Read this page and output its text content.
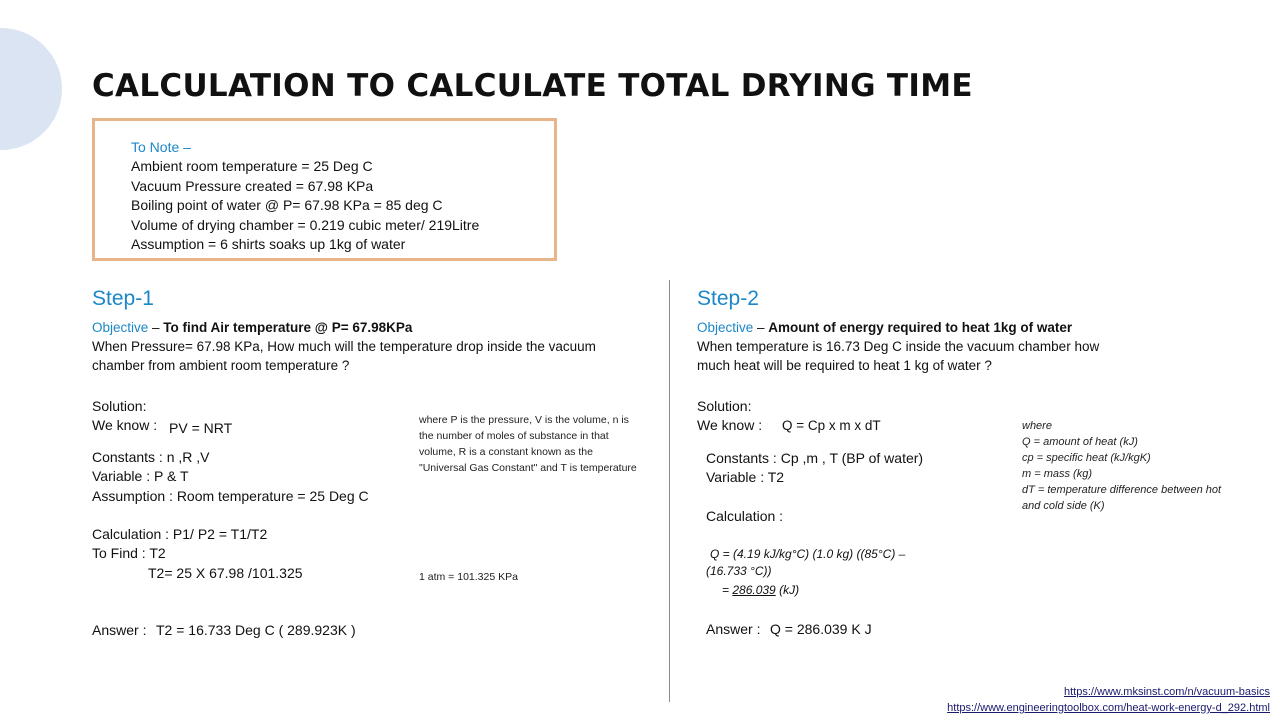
CALCULATION TO CALCULATE TOTAL DRYING TIME
To Note –
Ambient room temperature = 25 Deg C
Vacuum Pressure created = 67.98 KPa
Boiling point of water @ P= 67.98 KPa = 85 deg C
Volume of drying chamber = 0.219 cubic meter/ 219Litre
Assumption = 6 shirts soaks up 1kg of water
Step-1
Objective – To find Air temperature @ P= 67.98KPa
When Pressure= 67.98 KPa, How much will the temperature drop inside the vacuum
chamber from ambient room temperature ?
Solution:
We know : PV = NRT
Constants : n ,R ,V
Variable : P & T
Assumption : Room temperature = 25 Deg C
Calculation : P1/ P2 = T1/T2
To Find : T2
T2= 25 X 67.98 /101.325
Answer : T2 = 16.733 Deg C ( 289.923K )
where P is the pressure, V is the volume, n is
the number of moles of substance in that
volume, R is a constant known as the
"Universal Gas Constant" and T is temperature
1 atm = 101.325 KPa
Step-2
Objective – Amount of energy required to heat 1kg of water
When temperature is 16.73 Deg C inside the vacuum chamber how
much heat will be required to heat 1 kg of water ?
Solution:
We know : Q = Cp x m x dT
Constants : Cp ,m , T (BP of water)
Variable : T2
Calculation :
Q = (4.19 kJ/kg°C) (1.0 kg) ((85°C) –
(16.733 °C))
= 286.039 (kJ)
Answer : Q = 286.039 K J
where
Q = amount of heat (kJ)
cp = specific heat (kJ/kgK)
m = mass (kg)
dT = temperature difference between hot
and cold side (K)
https://www.mksinst.com/n/vacuum-basics
https://www.engineeringtoolbox.com/heat-work-energy-d_292.html
